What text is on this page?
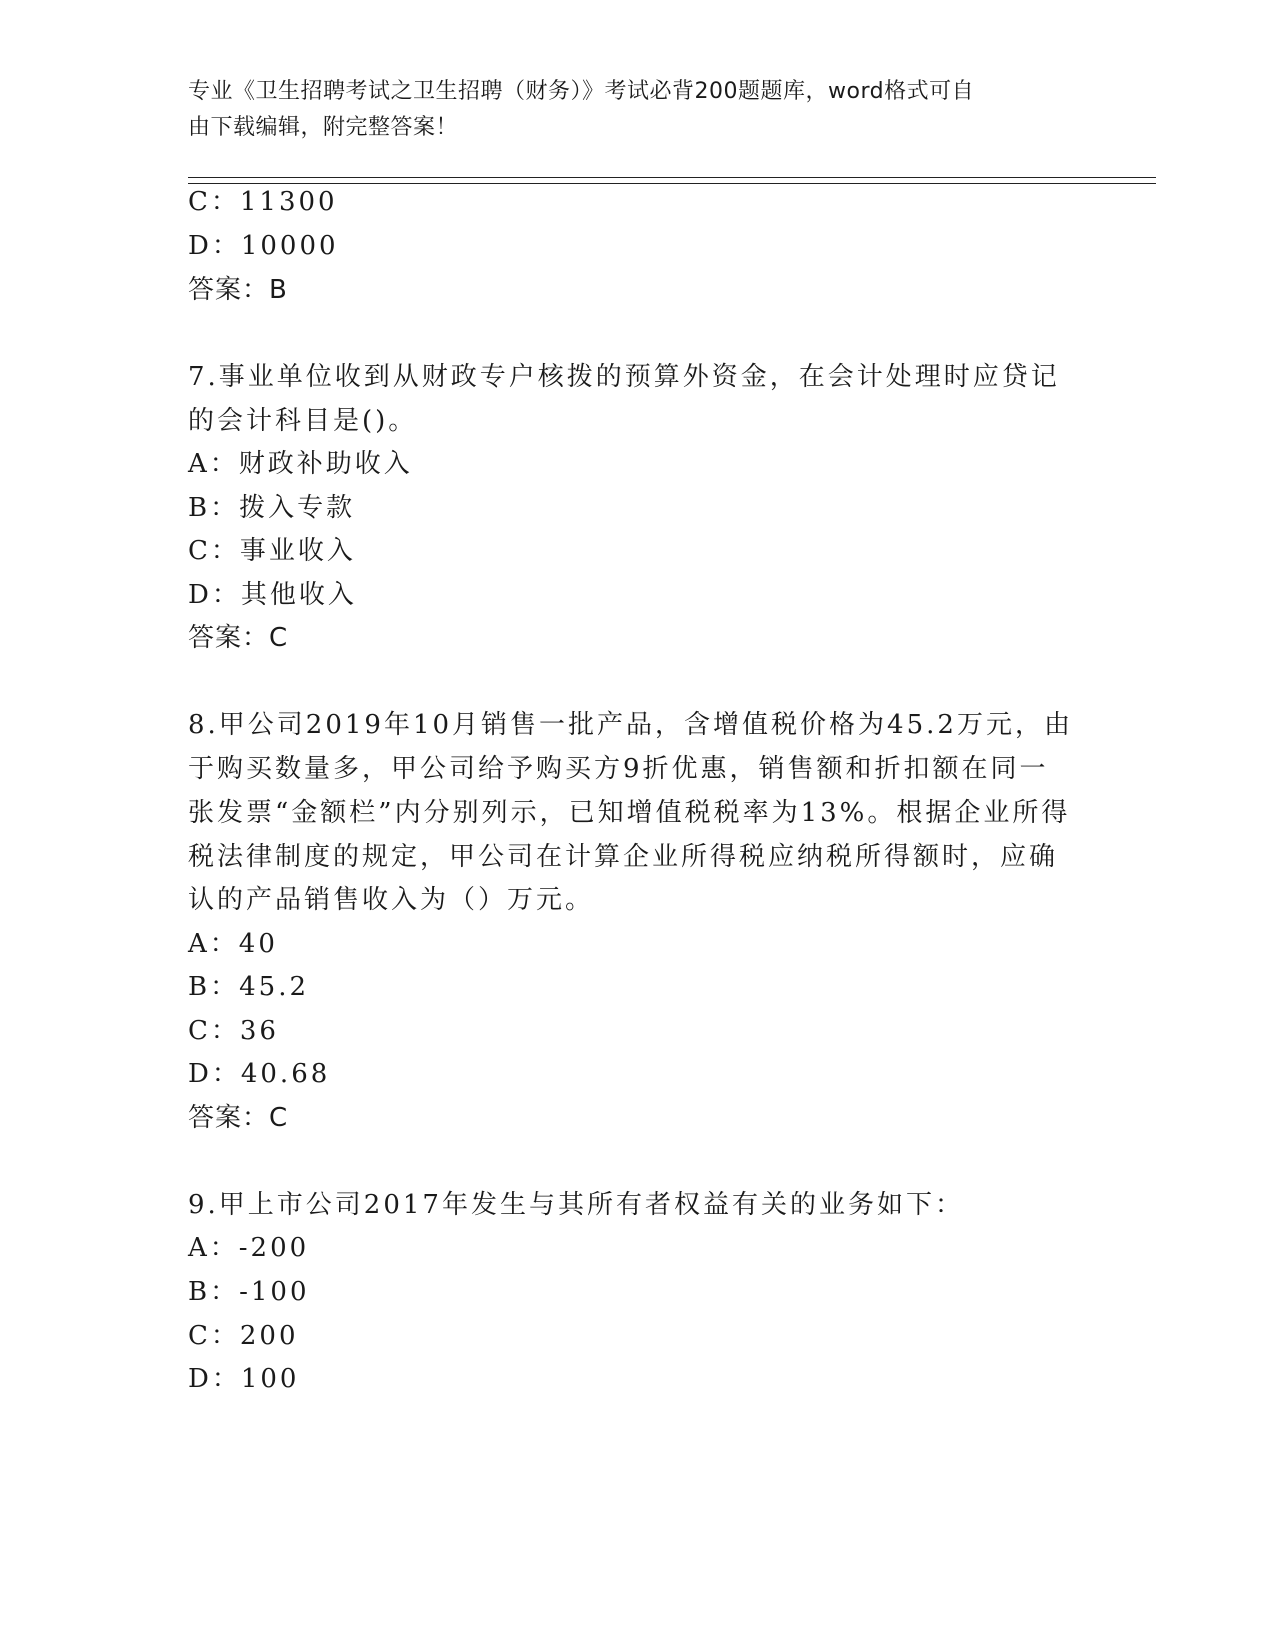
专业《卫生招聘考试之卫生招聘（财务）》考试必背200题题库，word格式可自
由下载编辑，附完整答案！
C：11300
D：10000
答案：B
7.事业单位收到从财政专户核拨的预算外资金，在会计处理时应贷记
的会计科目是()。
A：财政补助收入
B：拨入专款
C：事业收入
D：其他收入
答案：C
8.甲公司2019年10月销售一批产品，含增值税价格为45.2万元，由
于购买数量多，甲公司给予购买方9折优惠，销售额和折扣额在同一
张发票“金额栏”内分别列示，已知增值税税率为13%。根据企业所得
税法律制度的规定，甲公司在计算企业所得税应纳税所得额时，应确
认的产品销售收入为（）万元。
A：40
B：45.2
C：36
D：40.68
答案：C
9.甲上市公司2017年发生与其所有者权益有关的业务如下：
A：-200
B：-100
C：200
D：100
